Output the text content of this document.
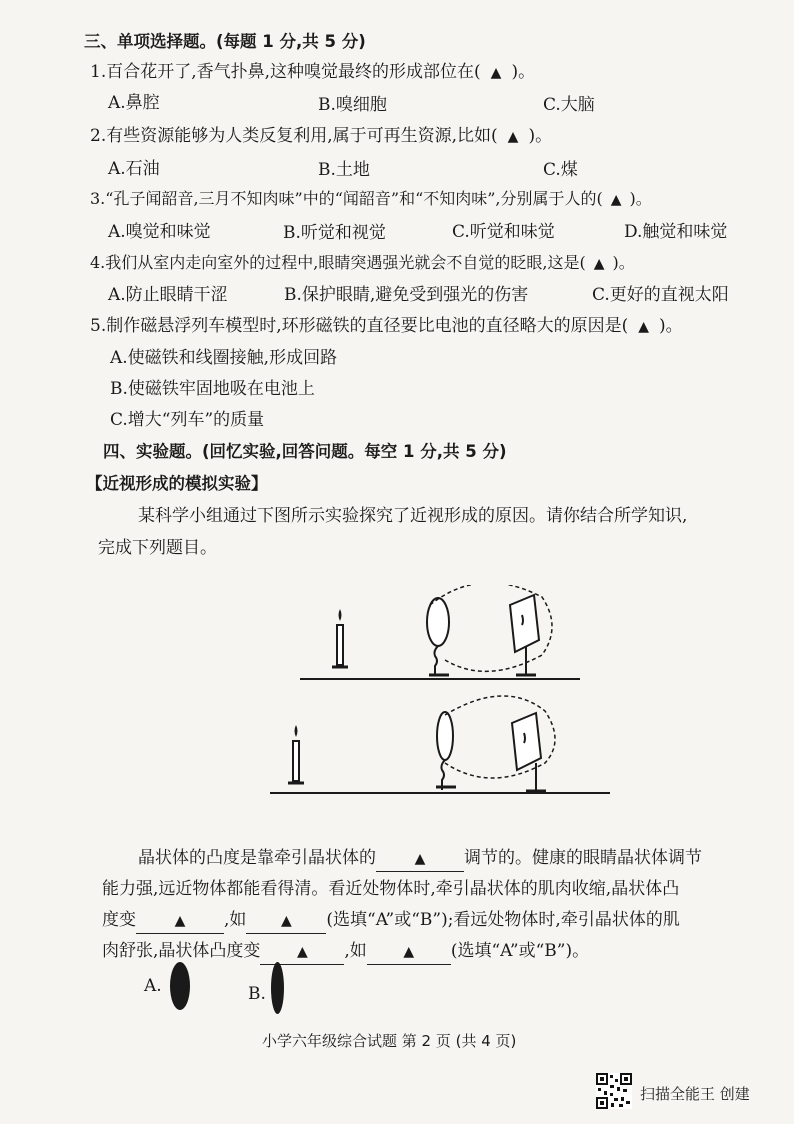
三、单项选择题。(每题 1 分,共 5 分)
1.百合花开了,香气扑鼻,这种嗅觉最终的形成部位在( ▲ )。
A.鼻腔	B.嗅细胞	C.大脑
2.有些资源能够为人类反复利用,属于可再生资源,比如( ▲ )。
A.石油	B.土地	C.煤
3.“孔子闻韶音,三月不知肉味”中的“闻韶音”和“不知肉味”,分别属于人的( ▲ )。
A.嗅觉和味觉	B.听觉和视觉	C.听觉和味觉	D.触觉和味觉
4.我们从室内走向室外的过程中,眼睛突遇强光就会不自觉的眨眼,这是( ▲ )。
A.防止眼睛干涩	B.保护眼睛,避免受到强光的伤害	C.更好的直视太阳
5.制作磁悬浮列车模型时,环形磁铁的直径要比电池的直径略大的原因是( ▲ )。
A.使磁铁和线圈接触,形成回路
B.使磁铁牢固地吸在电池上
C.增大“列车”的质量
四、实验题。(回忆实验,回答问题。每空 1 分,共 5 分)
【近视形成的模拟实验】
某科学小组通过下图所示实验探究了近视形成的原因。请你结合所学知识,
完成下列题目。
晶状体的凸度是靠牵引晶状体的	▲ 调节的。健康的眼睛晶状体调节
能力强,远近物体都能看得清。看近处物体时,牵引晶状体的肌肉收缩,晶状体凸
度变	▲ ,如 ▲ (选填“A”或“B”);看远处物体时,牵引晶状体的肌
肉舒张,晶状体凸度变	▲ ,如	▲ (选填“A”或“B”)。
A.	B.
小学六年级综合试题 第 2 页 (共 4 页)
扫描全能王 创建
